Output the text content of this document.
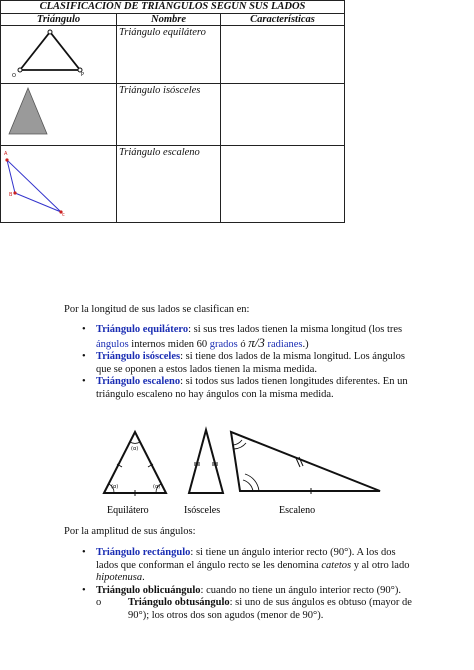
CLASIFICACIÓN DE TRIÁNGULOS SEGÚN SUS LADOS		
Triángulo	Nombre	Características

O P	Triángulo equilátero	
	Triángulo isósceles	

A
B
c	Triángulo escaleno	
Por la longitud de sus lados se clasifican en:
• Triángulo equilátero: si sus tres lados tienen la misma longitud (los tres ángulos internos miden 60 grados ó π/3 radianes.)
• Triángulo isósceles: si tiene dos lados de la misma longitud. Los ángulos que se oponen a estos lados tienen la misma medida.
• Triángulo escaleno: si todos sus lados tienen longitudes diferentes. En un triángulo escaleno no hay ángulos con la misma medida.
(α)
(α)	(α)
Equilátero	Isósceles	Escaleno
Por la amplitud de sus ángulos:
• Triángulo rectángulo: si tiene un ángulo interior recto (90°). A los dos lados que conforman el ángulo recto se les denomina catetos y al otro lado hipotenusa.
• Triángulo oblicuángulo: cuando no tiene un ángulo interior recto (90°).
o	Triángulo obtusángulo: si uno de sus ángulos es obtuso (mayor de 90°); los otros dos son agudos (menor de 90°).
